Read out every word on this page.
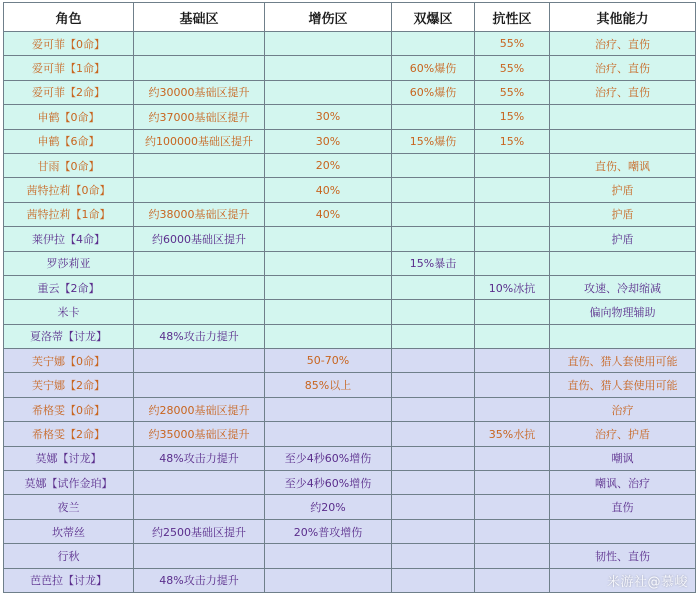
角色	基础区	增伤区	双爆区	抗性区	其他能力
爱可菲【0命】				55%	治疗、直伤
爱可菲【1命】			60%爆伤	55%	治疗、直伤
爱可菲【2命】	约30000基础区提升		60%爆伤	55%	治疗、直伤
申鹤【0命】	约37000基础区提升	30%		15%	
申鹤【6命】	约100000基础区提升	30%	15%爆伤	15%	
甘雨【0命】		20%			直伤、嘲讽
茜特拉莉【0命】		40%			护盾
茜特拉莉【1命】	约38000基础区提升	40%			护盾
莱伊拉【4命】	约6000基础区提升				护盾
罗莎莉亚			15%暴击		
重云【2命】				10%冰抗	攻速、冷却缩减
米卡					偏向物理辅助
夏洛蒂【讨龙】	48%攻击力提升				
芙宁娜【0命】		50-70%			直伤、猎人套使用可能
芙宁娜【2命】		85%以上			直伤、猎人套使用可能
希格雯【0命】	约28000基础区提升				治疗
希格雯【2命】	约35000基础区提升			35%水抗	治疗、护盾
莫娜【讨龙】	48%攻击力提升	至少4秒60%增伤			嘲讽
莫娜【试作金珀】		至少4秒60%增伤			嘲讽、治疗
夜兰		约20%			直伤
坎蒂丝	约2500基础区提升	20%普攻增伤			
行秋					韧性、直伤
芭芭拉【讨龙】	48%攻击力提升					米游社@慕峻
